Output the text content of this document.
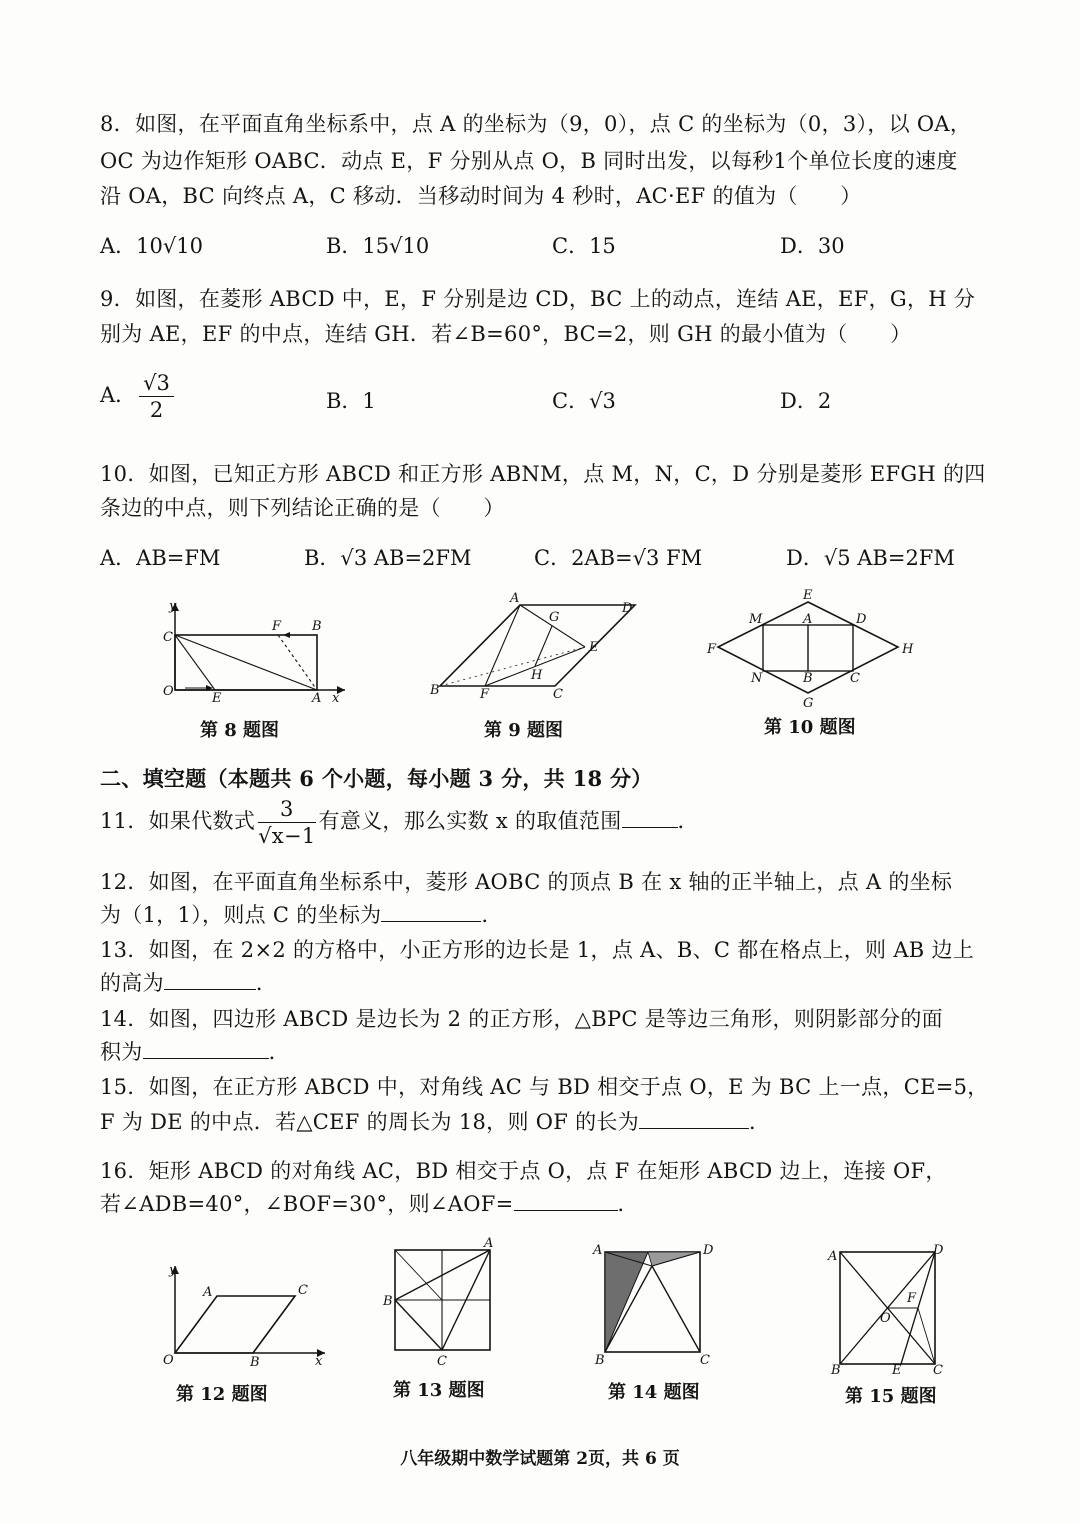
8．如图，在平面直角坐标系中，点 A 的坐标为（9，0），点 C 的坐标为（0，3），以 OA，
OC 为边作矩形 OABC．动点 E，F 分别从点 O，B 同时出发，以每秒1个单位长度的速度
沿 OA，BC 向终点 A，C 移动．当移动时间为 4 秒时，AC·EF 的值为（　　）
A．10√10	B．15√10	C．15	D．30
9．如图，在菱形 ABCD 中，E，F 分别是边 CD，BC 上的动点，连结 AE，EF，G，H 分
别为 AE，EF 的中点，连结 GH．若∠B=60°，BC=2，则 GH 的最小值为（　　）
A． $\frac{√3}{2}$	B．1	C．√3	D．2
10．如图，已知正方形 ABCD 和正方形 ABNM，点 M，N，C，D 分别是菱形 EFGH 的四
条边的中点，则下列结论正确的是（　　）
A．AB=FM	B．√3 AB=2FM	C．2AB=√3 FM	D．√5 AB=2FM
y
C
F B
O	E	A x
第 8 题图
A
G
D
E
H
B	F	C
第 9 题图
E
M	A	D
F	H
N	B	C
G
第 10 题图
二、填空题（本题共 6 个小题，每小题 3 分，共 18 分）
11．如果代数式 $\frac{3}{√x-1}$ 有意义，那么实数 x 的取值范围	．
12．如图，在平面直角坐标系中，菱形 AOBC 的顶点 B 在 x 轴的正半轴上，点 A 的坐标
为（1，1），则点 C 的坐标为	．
13．如图，在 2×2 的方格中，小正方形的边长是 1，点 A、B、C 都在格点上，则 AB 边上
的高为	．
14．如图，四边形 ABCD 是边长为 2 的正方形，△BPC 是等边三角形，则阴影部分的面
积为	．
15．如图，在正方形 ABCD 中，对角线 AC 与 BD 相交于点 O，E 为 BC 上一点，CE=5，
F 为 DE 的中点．若△CEF 的周长为 18，则 OF 的长为	．
16．矩形 ABCD 的对角线 AC，BD 相交于点 O，点 F 在矩形 ABCD 边上，连接 OF，
若∠ADB=40°，∠BOF=30°，则∠AOF=	．
y
A	C
O	B	x
第 12 题图
A
B
C
第 13 题图
A	D
B	C
第 14 题图
A	D
F
O
B	E C
第 15 题图
八年级期中数学试题第 2页，共 6 页
